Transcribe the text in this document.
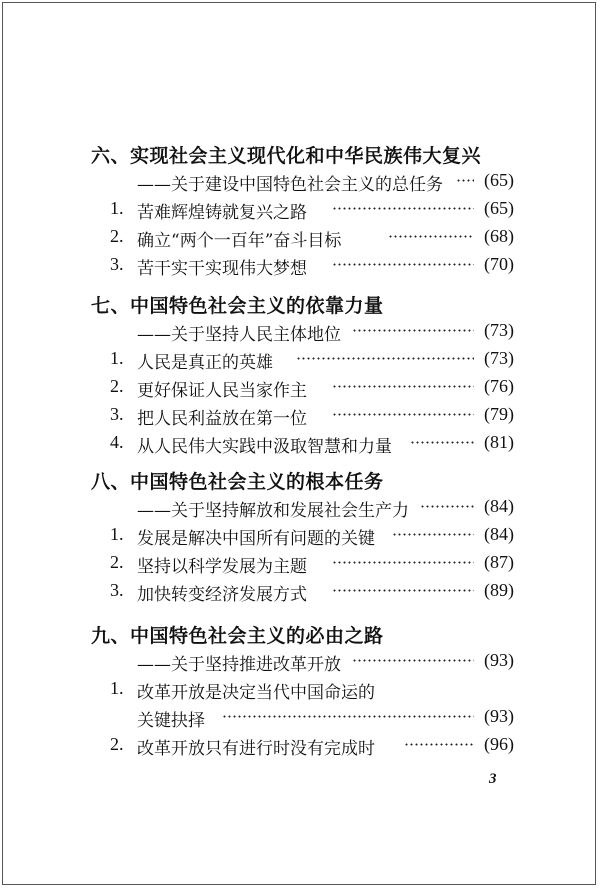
六、实现社会主义现代化和中华民族伟大复兴
——关于建设中国特色社会主义的总任务 (65)
1. 苦难辉煌铸就复兴之路	(65)
2. 确立“两个一百年”奋斗目标	(68)
3. 苦干实干实现伟大梦想	(70)
七、中国特色社会主义的依靠力量
——关于坚持人民主体地位	(73)
1. 人民是真正的英雄	(73)
2. 更好保证人民当家作主	(76)
3. 把人民利益放在第一位	(79)
4. 从人民伟大实践中汲取智慧和力量	(81)
八、中国特色社会主义的根本任务
——关于坚持解放和发展社会生产力	(84)
1. 发展是解决中国所有问题的关键	(84)
2. 坚持以科学发展为主题	(87)
3. 加快转变经济发展方式	(89)
九、中国特色社会主义的必由之路
——关于坚持推进改革开放	(93)
1. 改革开放是决定当代中国命运的
关键抉择	(93)
2. 改革开放只有进行时没有完成时	(96)
3
